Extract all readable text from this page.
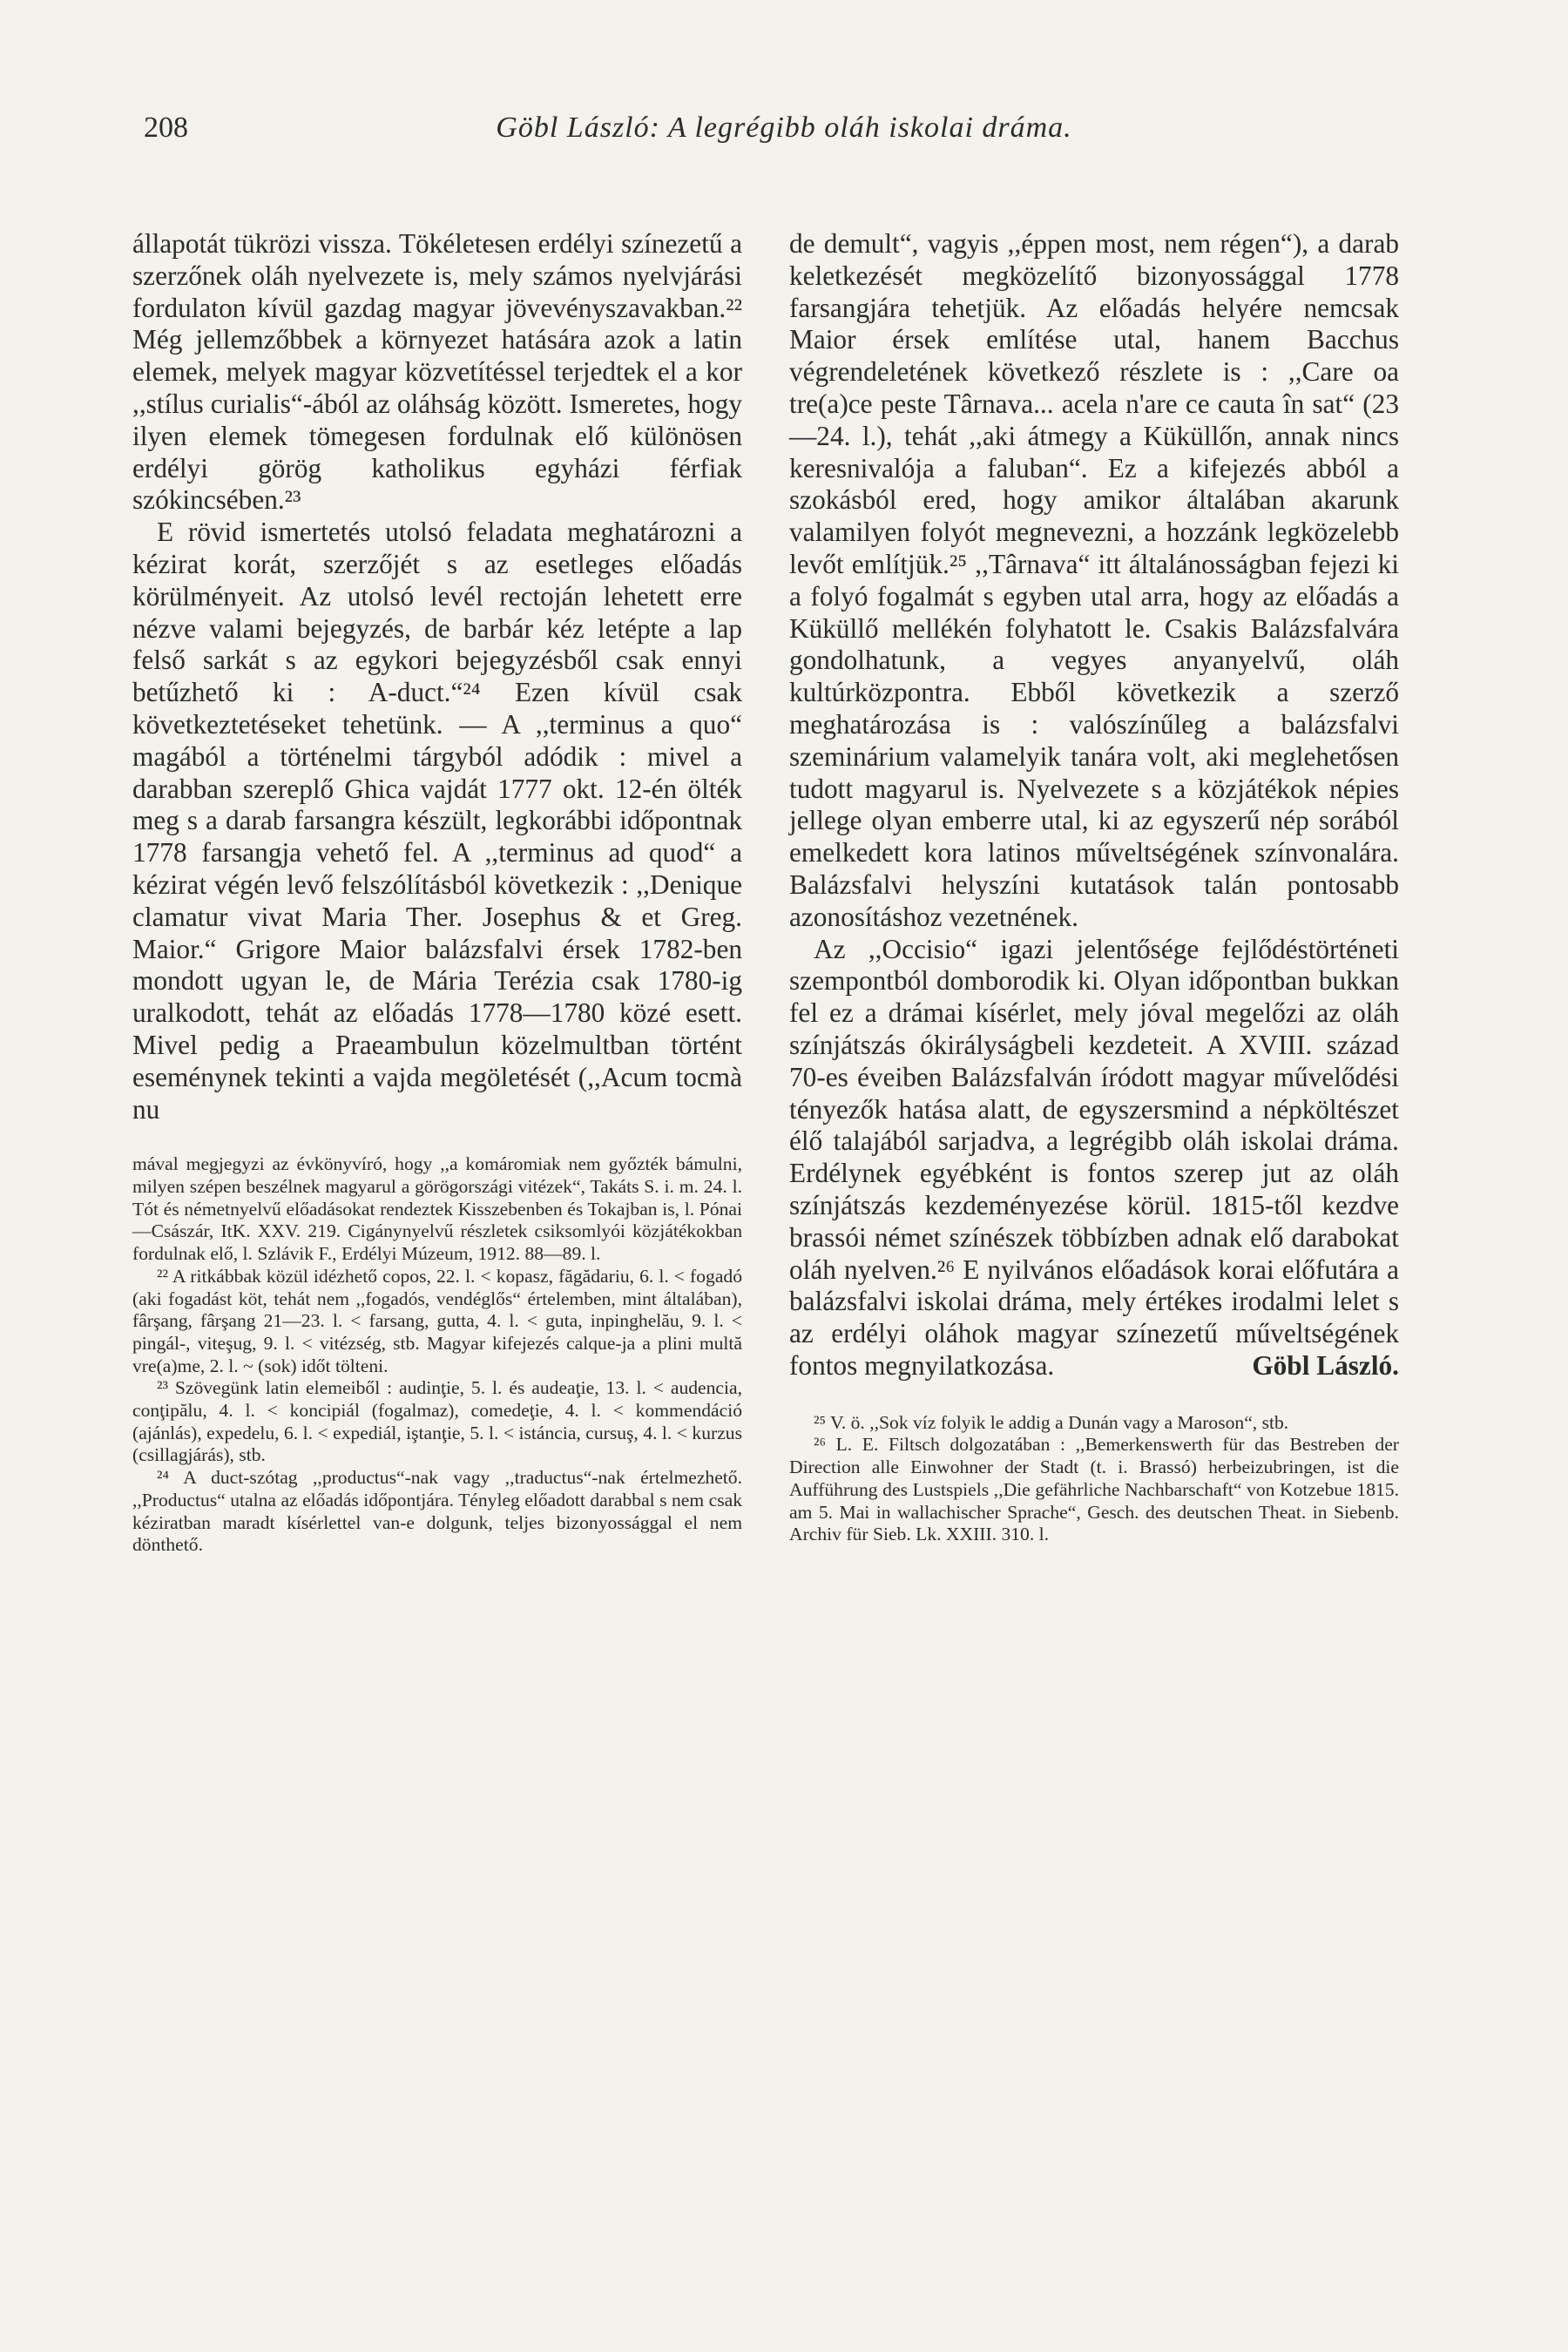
208	Göbl László: A legrégibb oláh iskolai dráma.

állapotát tükrözi vissza. Tökéletesen erdélyi színezetű a szerzőnek oláh nyelvezete is, mely számos nyelvjárási fordulaton kívül gazdag magyar jövevényszavakban.²² Még jellemzőbbek a környezet hatására azok a latin elemek, melyek magyar közvetítéssel terjedtek el a kor ,,stílus curialis“-ából az oláhság között. Ismeretes, hogy ilyen elemek tömegesen fordulnak elő különösen erdélyi görög katholikus egyházi férfiak szókincsében.²³

E rövid ismertetés utolsó feladata meghatározni a kézirat korát, szerzőjét s az esetleges előadás körülményeit. Az utolsó levél rectoján lehetett erre nézve valami bejegyzés, de barbár kéz letépte a lap felső sarkát s az egykori bejegyzésből csak ennyi betűzhető ki : A-duct.“²⁴ Ezen kívül csak következtetéseket tehetünk. — A ,,terminus a quo“ magából a történelmi tárgyból adódik : mivel a darabban szereplő Ghica vajdát 1777 okt. 12-én ölték meg s a darab farsangra készült, legkorábbi időpontnak 1778 farsangja vehető fel. A ,,terminus ad quod“ a kézirat végén levő felszólításból következik : ,,Denique clamatur vivat Maria Ther. Josephus & et Greg. Maior.“ Grigore Maior balázsfalvi érsek 1782-ben mondott ugyan le, de Mária Terézia csak 1780-ig uralkodott, tehát az előadás 1778—1780 közé esett. Mivel pedig a Praeambulun közelmultban történt eseménynek tekinti a vajda megöletését (,,Acum tocmà nu

mával megjegyzi az évkönyvíró, hogy ,,a komáromiak nem győzték bámulni, milyen szépen beszélnek magyarul a görögországi vitézek“, Takáts S. i. m. 24. l. Tót és németnyelvű előadásokat rendeztek Kisszebenben és Tokajban is, l. Pónai—Császár, ItK. XXV. 219. Cigánynyelvű részletek csiksomlyói közjátékokban fordulnak elő, l. Szlávik F., Erdélyi Múzeum, 1912. 88—89. l.

²² A ritkábbak közül idézhető copos, 22. l. < kopasz, făgădariu, 6. l. < fogadó (aki fogadást köt, tehát nem ,,fogadós, vendéglős“ értelemben, mint általában), fârşang, fârşang 21—23. l. < farsang, gutta, 4. l. < guta, inpinghelău, 9. l. < pingál-, viteşug, 9. l. < vitézség, stb. Magyar kifejezés calque-ja a plini multă vre(a)me, 2. l. ~ (sok) időt tölteni.

²³ Szövegünk latin elemeiből : audinţie, 5. l. és audeaţie, 13. l. < audencia, conţipălu, 4. l. < koncipiál (fogalmaz), comedeţie, 4. l. < kommendáció (ajánlás), expedelu, 6. l. < expediál, iştanţie, 5. l. < istáncia, cursuş, 4. l. < kurzus (csillagjárás), stb.

²⁴ A duct-szótag ,,productus“-nak vagy ,,traductus“-nak értelmezhető. ,,Productus“ utalna az előadás időpontjára. Tényleg előadott darabbal s nem csak kéziratban maradt kísérlettel van-e dolgunk, teljes bizonyossággal el nem dönthető.

de demult“, vagyis ,,éppen most, nem régen“), a darab keletkezését megközelítő bizonyossággal 1778 farsangjára tehetjük. Az előadás helyére nemcsak Maior érsek említése utal, hanem Bacchus végrendeletének következő részlete is : ,,Care oa tre(a)ce peste Târnava... acela n'are ce cauta în sat“ (23—24. l.), tehát ,,aki átmegy a Küküllőn, annak nincs keresnivalója a faluban“. Ez a kifejezés abból a szokásból ered, hogy amikor általában akarunk valamilyen folyót megnevezni, a hozzánk legközelebb levőt említjük.²⁵ ,,Târnava“ itt általánosságban fejezi ki a folyó fogalmát s egyben utal arra, hogy az előadás a Küküllő mellékén folyhatott le. Csakis Balázsfalvára gondolhatunk, a vegyes anyanyelvű, oláh kultúrközpontra. Ebből következik a szerző meghatározása is : valószínűleg a balázsfalvi szeminárium valamelyik tanára volt, aki meglehetősen tudott magyarul is. Nyelvezete s a közjátékok népies jellege olyan emberre utal, ki az egyszerű nép sorából emelkedett kora latinos műveltségének színvonalára. Balázsfalvi helyszíni kutatások talán pontosabb azonosításhoz vezetnének.

Az ,,Occisio“ igazi jelentősége fejlődéstörténeti szempontból domborodik ki. Olyan időpontban bukkan fel ez a drámai kísérlet, mely jóval megelőzi az oláh színjátszás ókirályságbeli kezdeteit. A XVIII. század 70-es éveiben Balázsfalván íródott magyar művelődési tényezők hatása alatt, de egyszersmind a népköltészet élő talajából sarjadva, a legrégibb oláh iskolai dráma. Erdélynek egyébként is fontos szerep jut az oláh színjátszás kezdeményezése körül. 1815-től kezdve brassói német színészek többízben adnak elő darabokat oláh nyelven.²⁶ E nyilvános előadások korai előfutára a balázsfalvi iskolai dráma, mely értékes irodalmi lelet s az erdélyi oláhok magyar színezetű műveltségének fontos megnyilatkozása.	Göbl László.

²⁵ V. ö. ,,Sok víz folyik le addig a Dunán vagy a Maroson“, stb.

²⁶ L. E. Filtsch dolgozatában : ,,Bemerkenswerth für das Bestreben der Direction alle Einwohner der Stadt (t. i. Brassó) herbeizubringen, ist die Aufführung des Lustspiels ,,Die gefährliche Nachbarschaft“ von Kotzebue 1815. am 5. Mai in wallachischer Sprache“, Gesch. des deutschen Theat. in Siebenb. Archiv für Sieb. Lk. XXIII. 310. l.
